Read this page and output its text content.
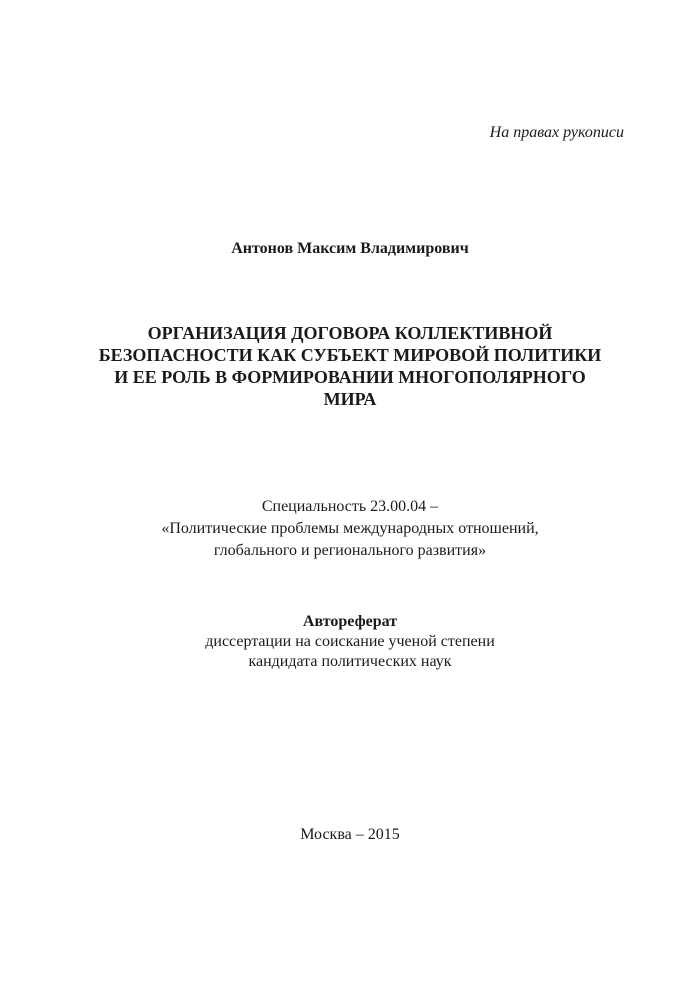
На правах рукописи
Антонов Максим Владимирович
ОРГАНИЗАЦИЯ ДОГОВОРА КОЛЛЕКТИВНОЙ
БЕЗОПАСНОСТИ КАК СУБЪЕКТ МИРОВОЙ ПОЛИТИКИ
И ЕЕ РОЛЬ В ФОРМИРОВАНИИ МНОГОПОЛЯРНОГО
МИРА
Специальность 23.00.04 –
«Политические проблемы международных отношений,
глобального и регионального развития»
Автореферат
диссертации на соискание ученой степени
кандидата политических наук
Москва – 2015
